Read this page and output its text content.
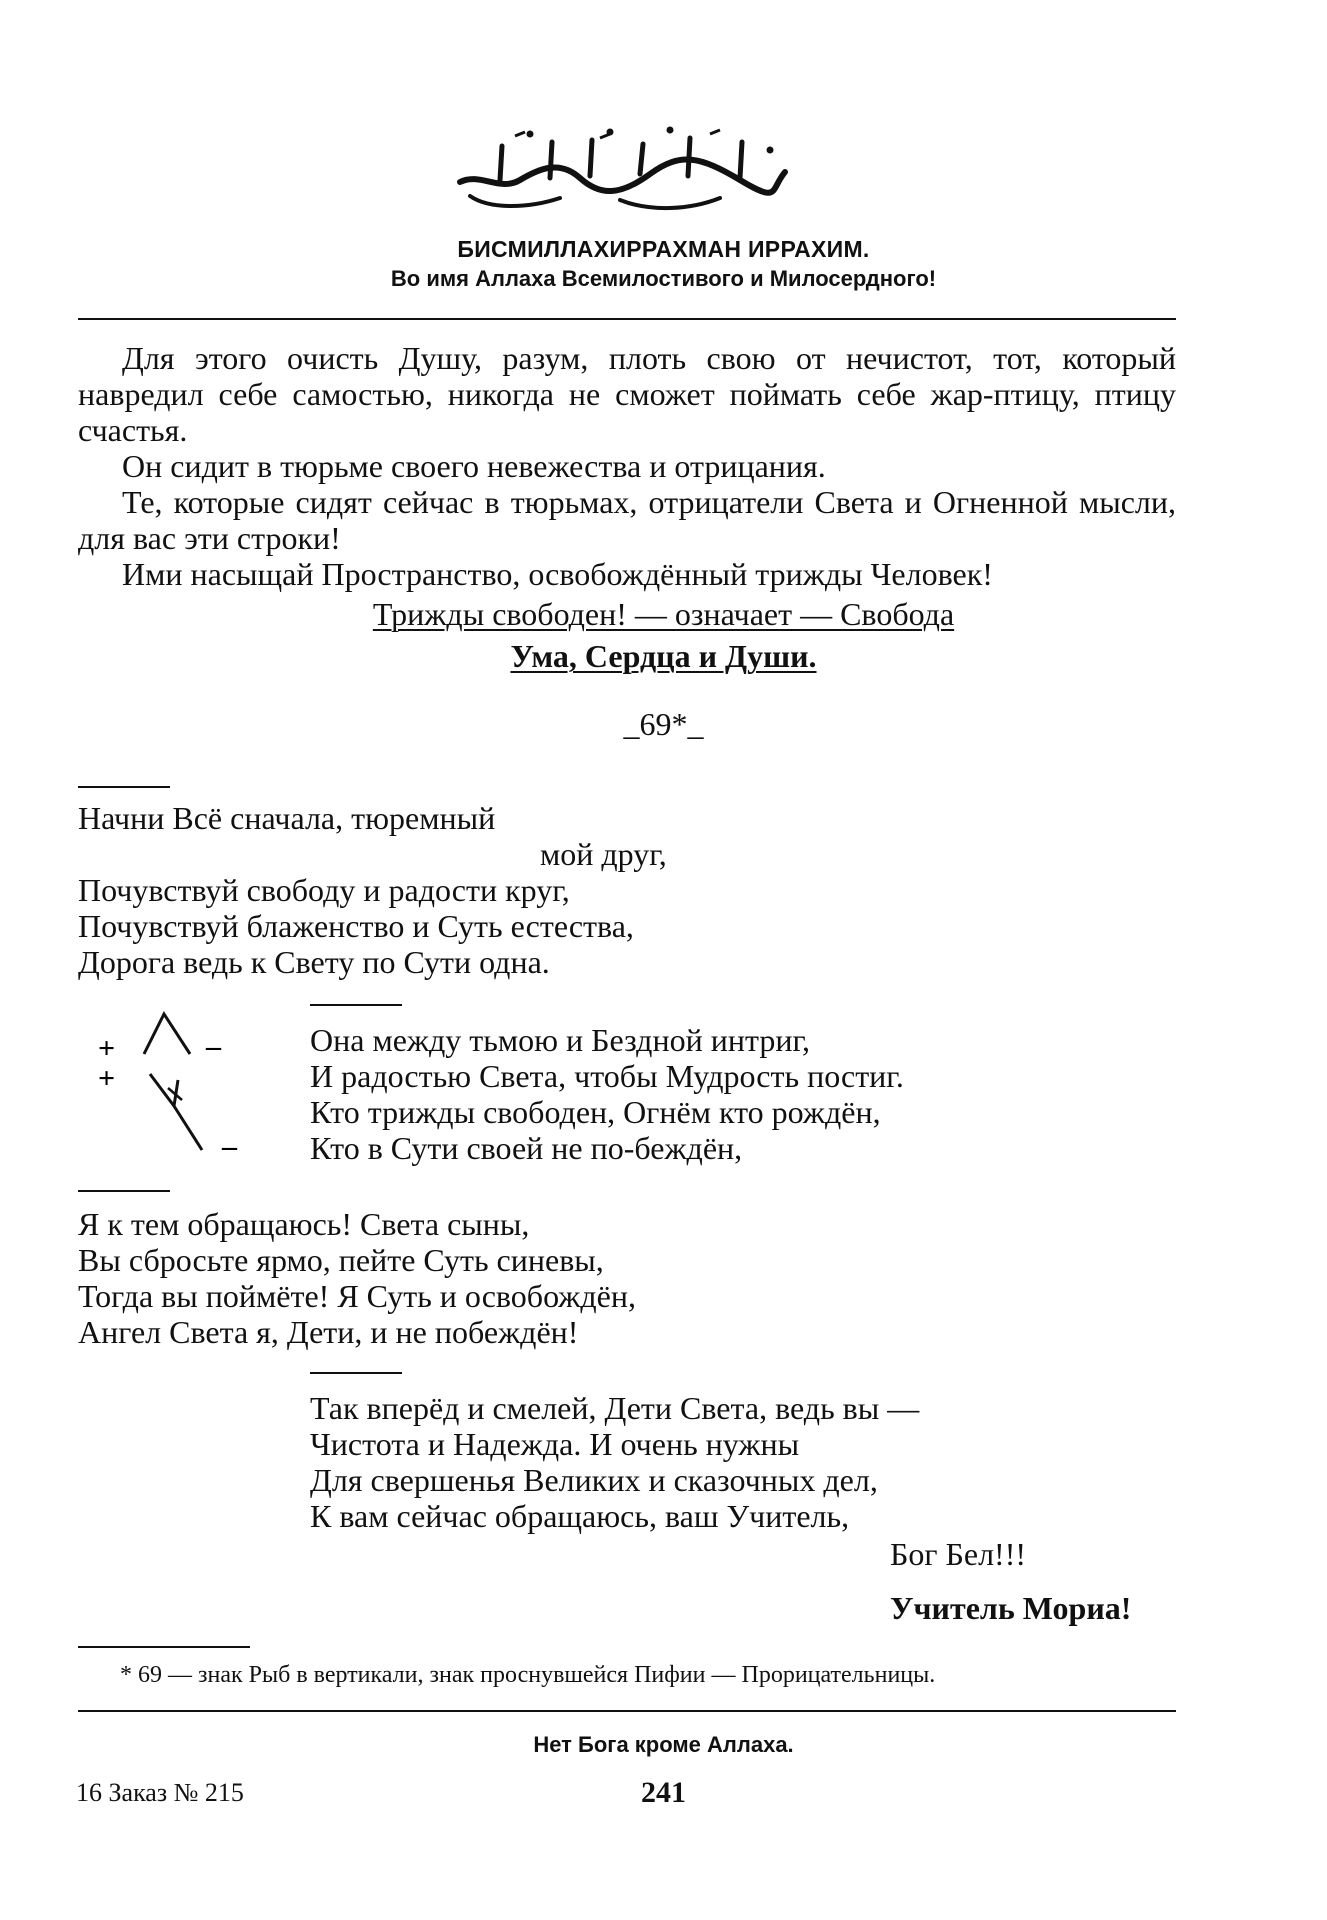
БИСМИЛЛАХИРРАХМАН ИРРАХИМ.
Во имя Аллаха Всемилостивого и Милосердного!

Для этого очисть Душу, разум, плоть свою от нечистот, тот, который навредил себе самостью, никогда не сможет поймать себе жар-птицу, птицу счастья.

Он сидит в тюрьме своего невежества и отрицания.

Те, которые сидят сейчас в тюрьмах, отрицатели Света и Огненной мысли, для вас эти строки!

Ими насыщай Пространство, освобождённый трижды Человек!

Трижды свободен! — означает — Свобода
Ума, Сердца и Души.
_69*_
Начни Всё сначала, тюремный
мой друг,
Почувствуй свободу и радости круг,
Почувствуй блаженство и Суть естества,
Дорога ведь к Свету по Сути одна.
+
+
–
–
Она между тьмою и Бездной интриг,
И радостью Света, чтобы Мудрость постиг.
Кто трижды свободен, Огнём кто рождён,
Кто в Сути своей не по-беждён,
Я к тем обращаюсь! Света сыны,
Вы сбросьте ярмо, пейте Суть синевы,
Тогда вы поймёте! Я Суть и освобождён,
Ангел Света я, Дети, и не побеждён!
Так вперёд и смелей, Дети Света, ведь вы —
Чистота и Надежда. И очень нужны
Для свершенья Великих и сказочных дел,
К вам сейчас обращаюсь, ваш Учитель,
Бог Бел!!!
Учитель Мориа!
* 69 — знак Рыб в вертикали, знак проснувшейся Пифии — Прорицательницы.
Нет Бога кроме Аллаха.
16 Заказ № 215	241
